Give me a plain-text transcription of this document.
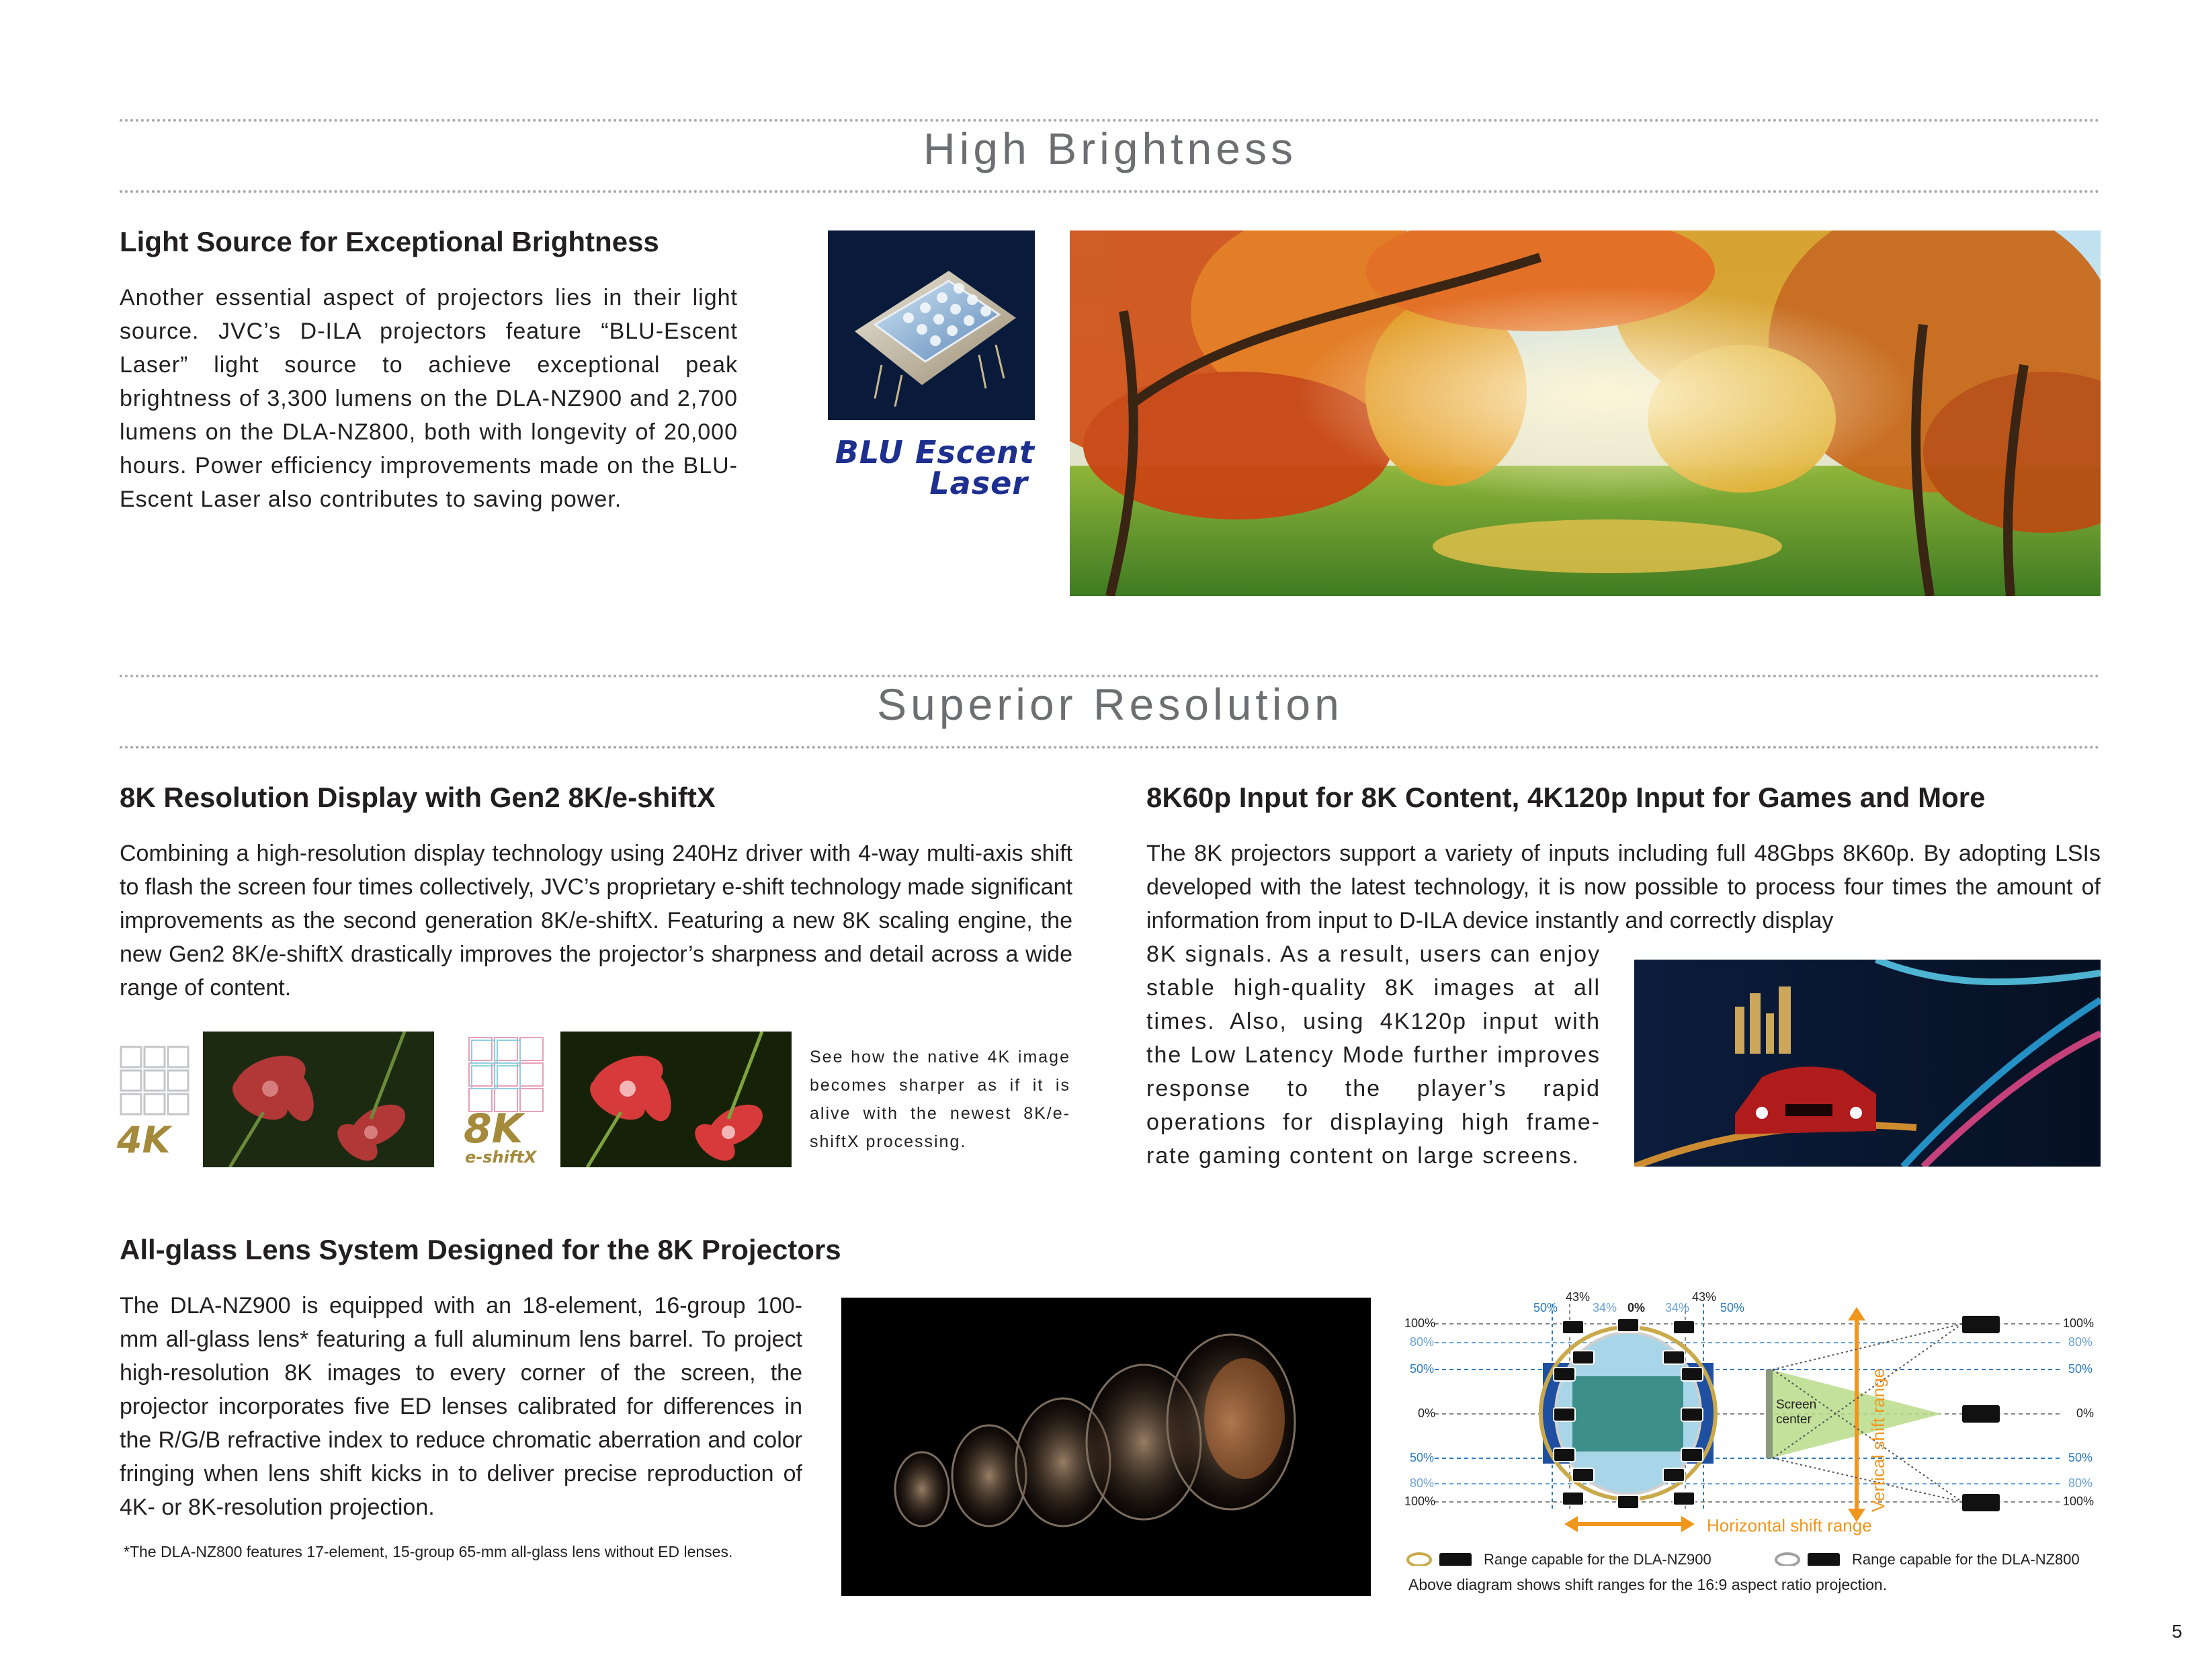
High Brightness
Light Source for Exceptional Brightness
Another essential aspect of projectors lies in their light source. JVC’s D-ILA projectors feature “BLU-Escent Laser” light source to achieve exceptional peak brightness of 3,300 lumens on the DLA-NZ900 and 2,700 lumens on the DLA-NZ800, both with longevity of 20,000 hours. Power efficiency improvements made on the BLU-Escent Laser also contributes to saving power.
BLU Escent
Laser
Superior Resolution
8K Resolution Display with Gen2 8K/e-shiftX
Combining a high-resolution display technology using 240Hz driver with 4-way multi-axis shift to flash the screen four times collectively, JVC’s proprietary e-shift technology made significant improvements as the second generation 8K/e-shiftX. Featuring a new 8K scaling engine, the new Gen2 8K/e-shiftX drastically improves the projector’s sharpness and detail across a wide range of content.
4K	8K
e-shiftX
See how the native 4K image becomes sharper as if it is alive with the newest 8K/e-shiftX processing.
8K60p Input for 8K Content, 4K120p Input for Games and More
The 8K projectors support a variety of inputs including full 48Gbps 8K60p. By adopting LSIs developed with the latest technology, it is now possible to process four times the amount of information from input to D-ILA device instantly and correctly display
8K signals. As a result, users can enjoy stable high-quality 8K images at all times. Also, using 4K120p input with the Low Latency Mode further improves response to the player’s rapid operations for displaying high frame-rate gaming content on large screens.
All-glass Lens System Designed for the 8K Projectors
The DLA-NZ900 is equipped with an 18-element, 16-group 100-mm all-glass lens* featuring a full aluminum lens barrel. To project high-resolution 8K images to every corner of the screen, the projector incorporates five ED lenses calibrated for differences in the R/G/B refractive index to reduce chromatic aberration and color fringing when lens shift kicks in to deliver precise reproduction of 4K- or 8K-resolution projection.
*The DLA-NZ800 features 17-element, 15-group 65-mm all-glass lens without ED lenses.
50%
43%
34% 0% 34%
43%
50%
100%
80%
50%
0%
50%
80%
100%
100%
80%
50%
0%
50%
80%
100%
Screen center	Vertical shift range
Horizontal shift range
Range capable for the DLA-NZ900	Range capable for the DLA-NZ800
Above diagram shows shift ranges for the 16:9 aspect ratio projection.
5
